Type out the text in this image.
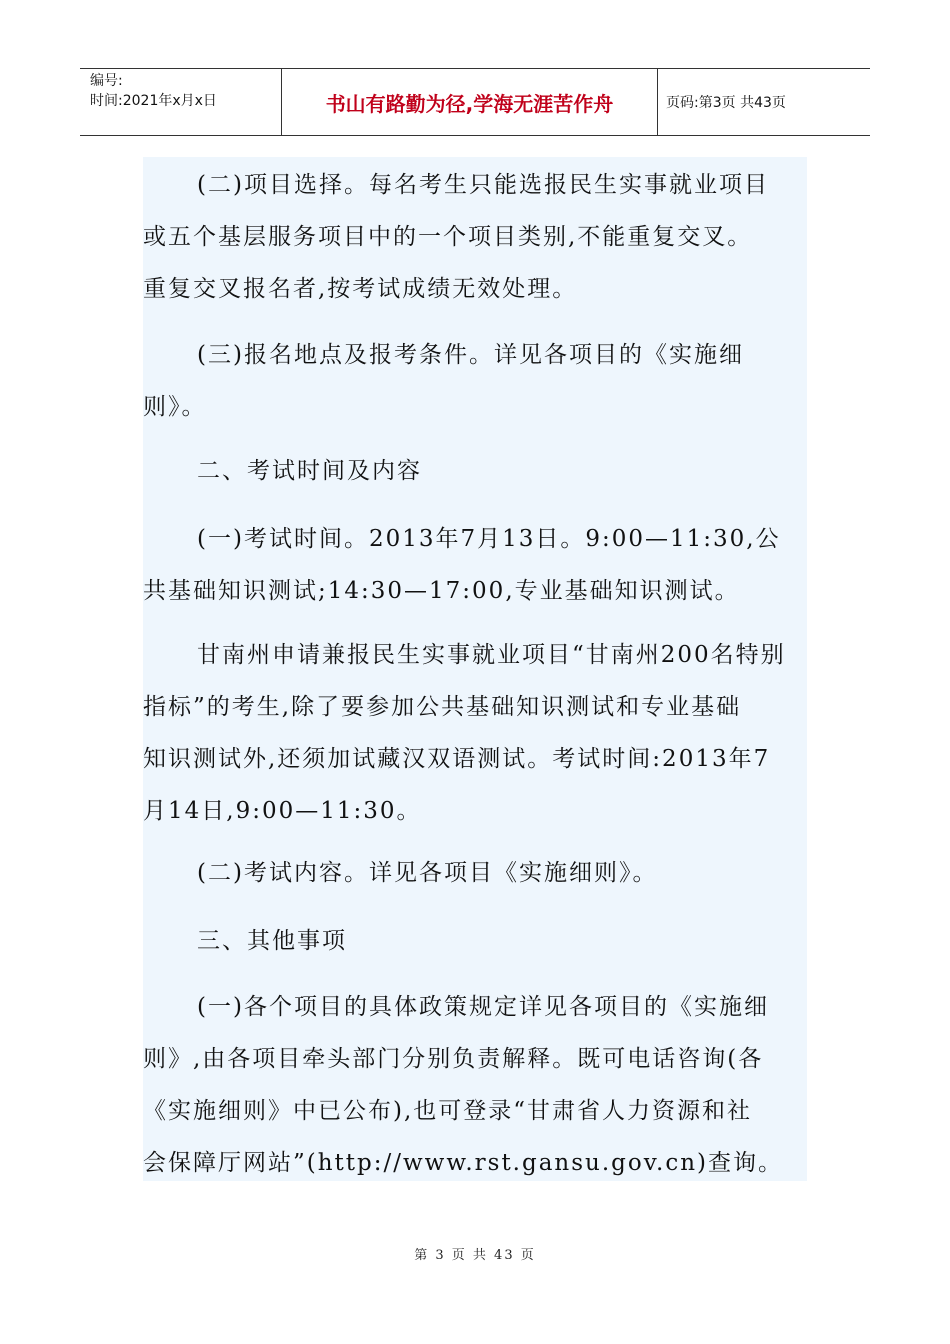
编号:
时间:2021年x月x日	书山有路勤为径,学海无涯苦作舟	页码:第3页 共43页
(二)项目选择。每名考生只能选报民生实事就业项目
或五个基层服务项目中的一个项目类别,不能重复交叉。
重复交叉报名者,按考试成绩无效处理。
(三)报名地点及报考条件。详见各项目的《实施细
则》。
二、考试时间及内容
(一)考试时间。2013年7月13日。9:00—11:30,公
共基础知识测试;14:30—17:00,专业基础知识测试。
甘南州申请兼报民生实事就业项目“甘南州200名特别
指标”的考生,除了要参加公共基础知识测试和专业基础
知识测试外,还须加试藏汉双语测试。考试时间:2013年7
月14日,9:00—11:30。
(二)考试内容。详见各项目《实施细则》。
三、其他事项
(一)各个项目的具体政策规定详见各项目的《实施细
则》,由各项目牵头部门分别负责解释。既可电话咨询(各
《实施细则》中已公布),也可登录“甘肃省人力资源和社
会保障厅网站”(http://www.rst.gansu.gov.cn)查询。
第 3 页 共 43 页
